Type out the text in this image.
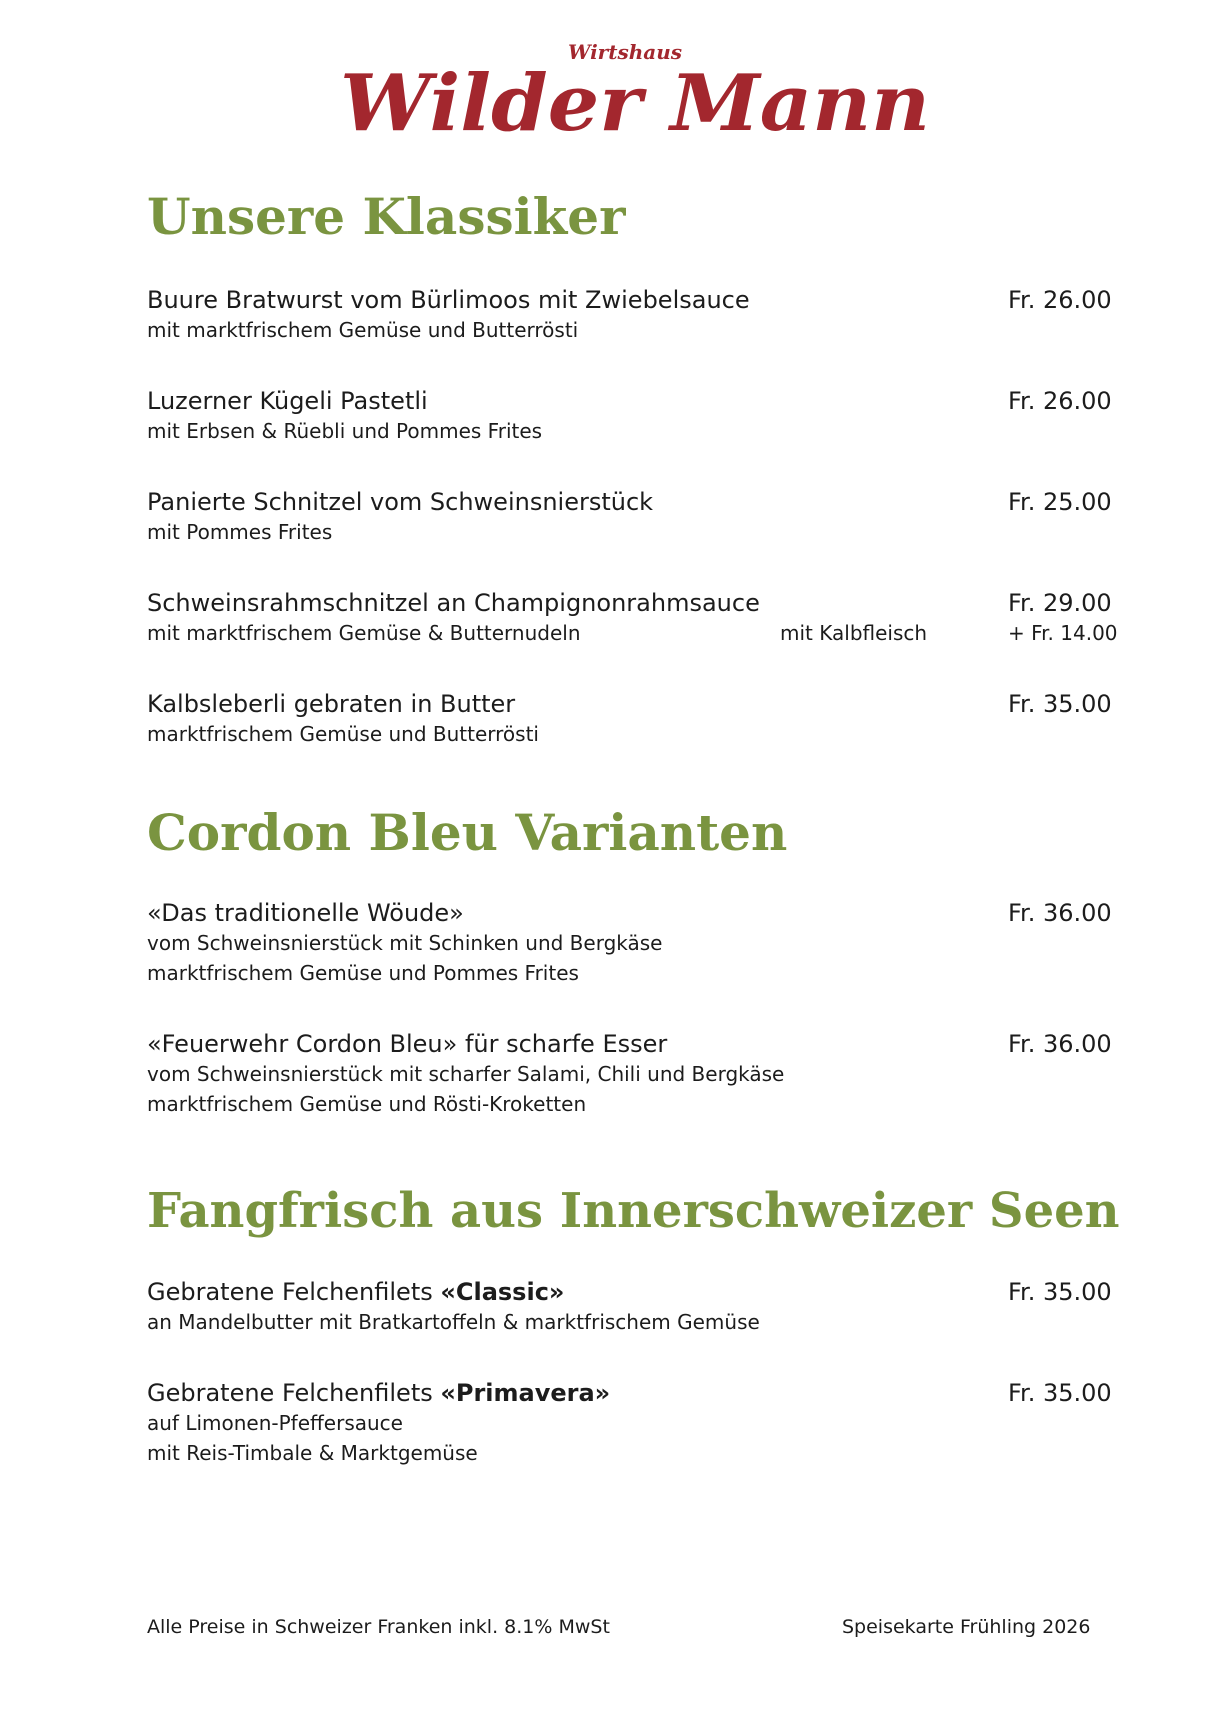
Wirtshaus
Wilder Mann
Unsere Klassiker
Buure Bratwurst vom Bürlimoos mit Zwiebelsauce	Fr. 26.00
mit marktfrischem Gemüse und Butterrösti
Luzerner Kügeli Pastetli	Fr. 26.00
mit Erbsen & Rüebli und Pommes Frites
Panierte Schnitzel vom Schweinsnierstück	Fr. 25.00
mit Pommes Frites
Schweinsrahmschnitzel an Champignonrahmsauce	Fr. 29.00
mit marktfrischem Gemüse & Butternudeln	mit Kalbfleisch	+ Fr. 14.00
Kalbsleberli gebraten in Butter	Fr. 35.00
marktfrischem Gemüse und Butterrösti
Cordon Bleu Varianten
«Das traditionelle Wöude»	Fr. 36.00
vom Schweinsnierstück mit Schinken und Bergkäse
marktfrischem Gemüse und Pommes Frites
«Feuerwehr Cordon Bleu» für scharfe Esser	Fr. 36.00
vom Schweinsnierstück mit scharfer Salami, Chili und Bergkäse
marktfrischem Gemüse und Rösti-Kroketten
Fangfrisch aus Innerschweizer Seen
Gebratene Felchenfilets «Classic»	Fr. 35.00
an Mandelbutter mit Bratkartoffeln & marktfrischem Gemüse
Gebratene Felchenfilets «Primavera»	Fr. 35.00
auf Limonen-Pfeffersauce
mit Reis-Timbale & Marktgemüse
Alle Preise in Schweizer Franken inkl. 8.1% MwSt	Speisekarte Frühling 2026
